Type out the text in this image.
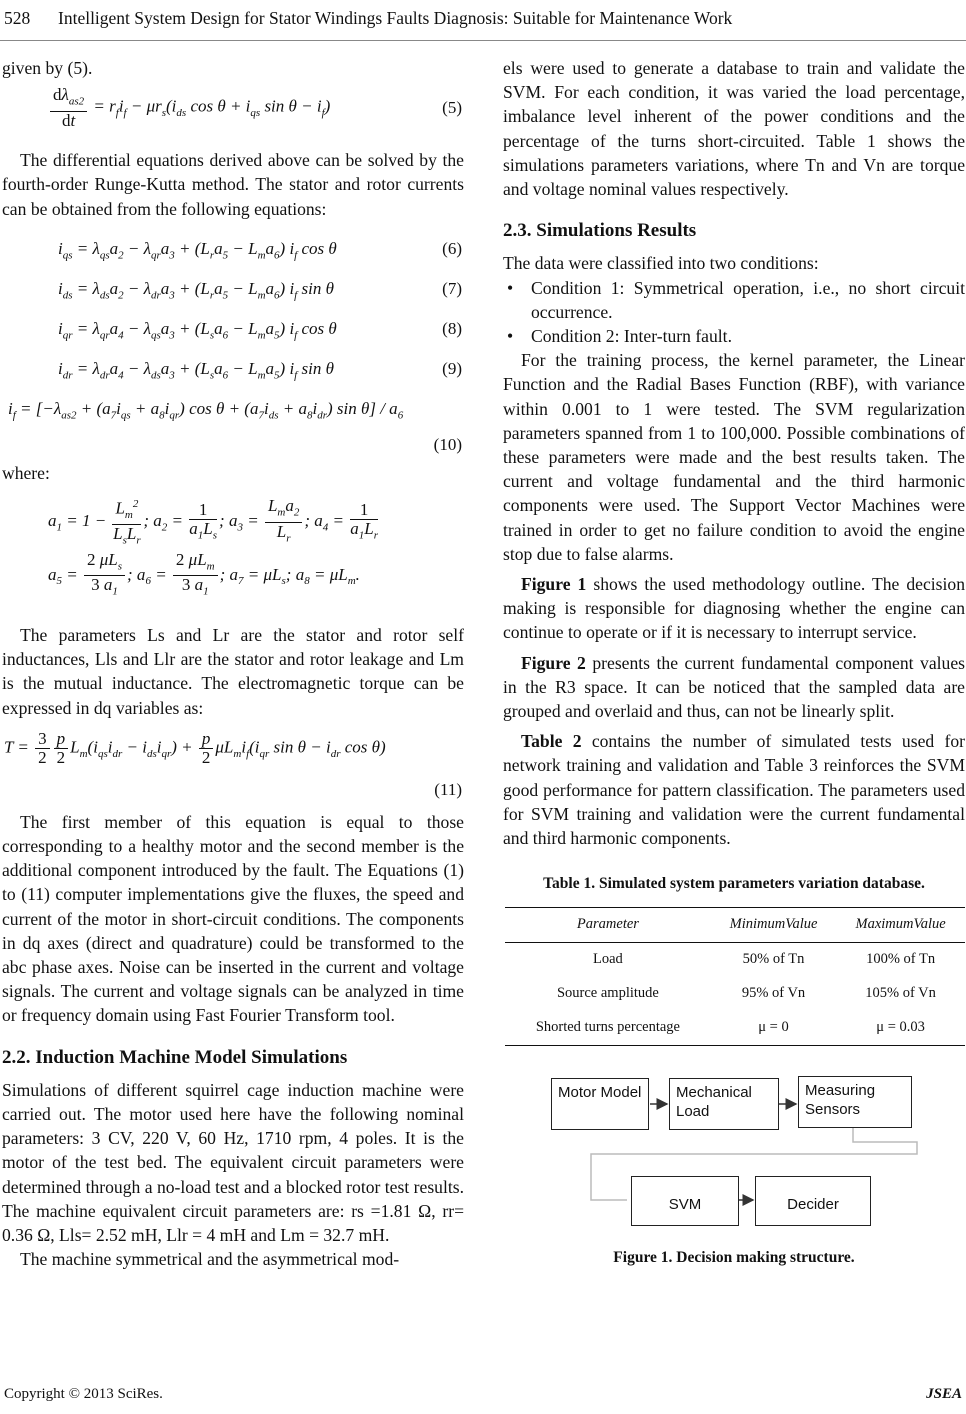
528 Intelligent System Design for Stator Windings Faults Diagnosis: Suitable for Maintenance Work

given by (5).

$\frac{d\lambda_{as2}}{dt} = r_fi_f - \mu r_s(i_{ds}$ $\cos \theta + i_{qs}$ $\sin \theta - i_f$)	(5)

The differential equations derived above can be solved by the fourth-order Runge-Kutta method. The stator and rotor currents can be obtained from the following equations:

$i_{qs} = \lambda_{qs}a_2 - \lambda_{qr}a_3 + (L_ra_5 - L_ma_6)$ $i_f$ cos θ	(6)
$i_{ds} = \lambda_{ds}a_2 - \lambda_{dr}a_3 + (L_ra_5 - L_ma_6)$ $i_f$ sin θ	(7)
$i_{qr} = \lambda_{qr}a_4 - \lambda_{qs}a_3 + (L_sa_6 - L_ma_5)$ $i_f$ cos θ	(8)
$i_{dr} = \lambda_{dr}a_4 - \lambda_{ds}a_3 + (L_sa_6 - L_ma_5)$ $i_f$ sin θ	(9)
$i_f = [-\lambda_{as2} + (a_7i_{qs} + a_8i_{qr})$ $\cos \theta + (a_7i_{ds} + a_8i_{dr})$ $\sin \theta] / a_6$
(10)

where:

$a_1 = 1 - \frac{L_m^2}{L_sL_r}$ ; $a_2 = \frac{1}{a_1L_s}$ ; $a_3 = \frac{L_ma_2}{L_r}$ ; $a_4 = \frac{1}{a_1L_r}$
$a_5 = \frac{2 \mu L_s}{3 a_1}$ ; $a_6 = \frac{2 \mu L_m}{3 a_1}$ ; $a_7 = \mu L_s$; $a_8 = \mu L_m$.

The parameters Ls and Lr are the stator and rotor self inductances, Lls and Llr are the stator and rotor leakage and Lm is the mutual inductance. The electromagnetic torque can be expressed in dq variables as:

$T = \frac{3}{2} \frac{p}{2} L_m(i_{qs}i_{dr} - i_{ds}i_{qr}) + \frac{p}{2} \mu L_mi_f(i_{qr}$ $\sin \theta - i_{dr}$ cos θ)
(11)

The first member of this equation is equal to those corresponding to a healthy motor and the second member is the additional component introduced by the fault. The Equations (1) to (11) computer implementations give the fluxes, the speed and current of the motor in short-circuit conditions. The components in dq axes (direct and quadrature) could be transformed to the abc phase axes. Noise can be inserted in the current and voltage signals. The current and voltage signals can be analyzed in time or frequency domain using Fast Fourier Transform tool.

2.2. Induction Machine Model Simulations

Simulations of different squirrel cage induction machine were carried out. The motor used here have the following nominal parameters: 3 CV, 220 V, 60 Hz, 1710 rpm, 4 poles. It is the motor of the test bed. The equivalent circuit parameters were determined through a no-load test and a blocked rotor test results. The machine equivalent circuit parameters are: rs =1.81 Ω, rr= 0.36 Ω, Lls= 2.52 mH, Llr = 4 mH and Lm = 32.7 mH.

The machine symmetrical and the asymmetrical mod-

els were used to generate a database to train and validate the SVM. For each condition, it was varied the load percentage, imbalance level inherent of the power conditions and the percentage of the turns short-circuited. Table 1 shows the simulations parameters variations, where Tn and Vn are torque and voltage nominal values respectively.

2.3. Simulations Results

The data were classified into two conditions:

• Condition 1: Symmetrical operation, i.e., no short circuit occurrence.
• Condition 2: Inter-turn fault.

For the training process, the kernel parameter, the Linear Function and the Radial Bases Function (RBF), with variance within 0.001 to 1 were tested. The SVM regularization parameters spanned from 1 to 100,000. Possible combinations of these parameters were made and the best results taken. The current and voltage fundamental and the third harmonic components were used. The Support Vector Machines were trained in order to get no failure condition to avoid the engine stop due to false alarms.

Figure 1 shows the used methodology outline. The decision making is responsible for diagnosing whether the engine can continue to operate or if it is necessary to interrupt service.

Figure 2 presents the current fundamental component values in the R3 space. It can be noticed that the sampled data are grouped and overlaid and thus, can not be linearly split.

Table 2 contains the number of simulated tests used for network training and validation and Table 3 reinforces the SVM good performance for pattern classification. The parameters used for SVM training and validation were the current fundamental and third harmonic components.

Table 1. Simulated system parameters variation database.
Parameter	MinimumValue	MaximumValue
Load	50% of Tn	100% of Tn
Source amplitude	95% of Vn	105% of Vn
Shorted turns percentage	μ = 0	μ = 0.03
Motor Model	Mechanical Load
Measuring Sensors
SVM	Decider
Figure 1. Decision making structure.
Copyright © 2013 SciRes.	JSEA
